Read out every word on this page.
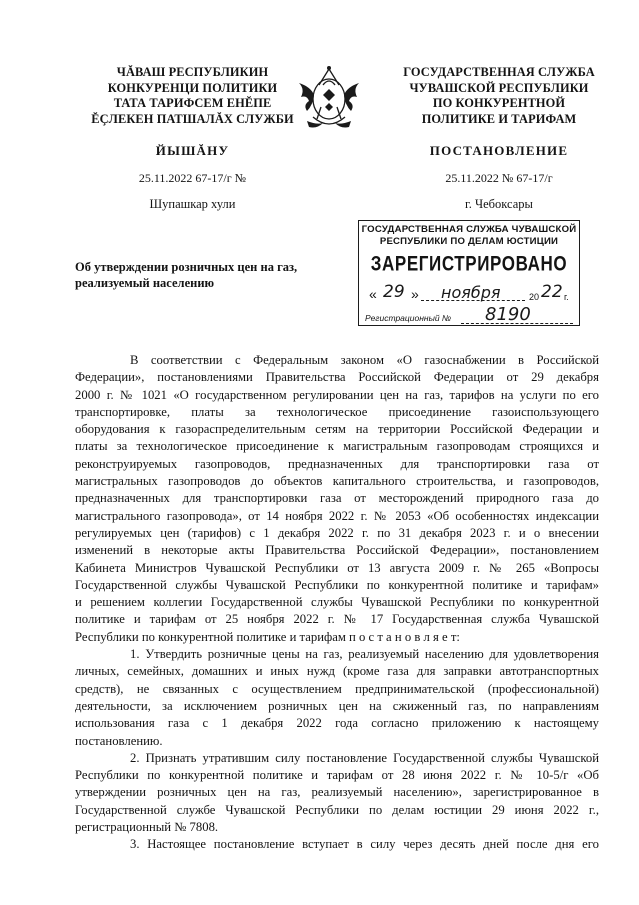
ЧĂВАШ РЕСПУБЛИКИН
КОНКУРЕНЦИ ПОЛИТИКИ
ТАТА ТАРИФСЕМ ЕНĔПЕ
ĔҪЛЕКЕН ПАТШАЛĂХ СЛУЖБИ
ГОСУДАРСТВЕННАЯ СЛУЖБА
ЧУВАШСКОЙ РЕСПУБЛИКИ
ПО КОНКУРЕНТНОЙ
ПОЛИТИКЕ И ТАРИФАМ
ЙЫШĂНУ	ПОСТАНОВЛЕНИЕ
25.11.2022 67-17/г №	25.11.2022 № 67-17/г
Шупашкар хули	г. Чебоксары
ГОСУДАРСТВЕННАЯ СЛУЖБА ЧУВАШСКОЙ
РЕСПУБЛИКИ ПО ДЕЛАМ ЮСТИЦИИ
ЗАРЕГИСТРИРОВАНО
« 29 » ноября	20 22 г.
Регистрационный № 8190
Об утверждении розничных цен на газ,
реализуемый населению

В соответствии с Федеральным законом «О газоснабжении в Российской
Федерации», постановлениями Правительства Российской Федерации от 29 декабря
2000 г. № 1021 «О государственном регулировании цен на газ, тарифов на услуги по его
транспортировке, платы за технологическое присоединение газоиспользующего
оборудования к газораспределительным сетям на территории Российской Федерации и
платы за технологическое присоединение к магистральным газопроводам строящихся и
реконструируемых газопроводов, предназначенных для транспортировки газа от
магистральных газопроводов до объектов капитального строительства, и газопроводов,
предназначенных для транспортировки газа от месторождений природного газа до
магистрального газопровода», от 14 ноября 2022 г. № 2053 «Об особенностях индексации
регулируемых цен (тарифов) с 1 декабря 2022 г. по 31 декабря 2023 г. и о внесении
изменений в некоторые акты Правительства Российской Федерации», постановлением
Кабинета Министров Чувашской Республики от 13 августа 2009 г. № 265 «Вопросы
Государственной службы Чувашской Республики по конкурентной политике и тарифам»
и решением коллегии Государственной службы Чувашской Республики по конкурентной
политике и тарифам от 25 ноября 2022 г. № 17 Государственная служба Чувашской
Республики по конкурентной политике и тарифам п о с т а н о в л я е т:

1. Утвердить розничные цены на газ, реализуемый населению для удовлетворения
личных, семейных, домашних и иных нужд (кроме газа для заправки автотранспортных
средств), не связанных с осуществлением предпринимательской (профессиональной)
деятельности, за исключением розничных цен на сжиженный газ, по направлениям
использования газа с 1 декабря 2022 года согласно приложению к настоящему
постановлению.

2. Признать утратившим силу постановление Государственной службы Чувашской
Республики по конкурентной политике и тарифам от 28 июня 2022 г. № 10-5/г «Об
утверждении розничных цен на газ, реализуемый населению», зарегистрированное в
Государственной службе Чувашской Республики по делам юстиции 29 июня 2022 г.,
регистрационный № 7808.

3. Настоящее постановление вступает в силу через десять дней после дня его
